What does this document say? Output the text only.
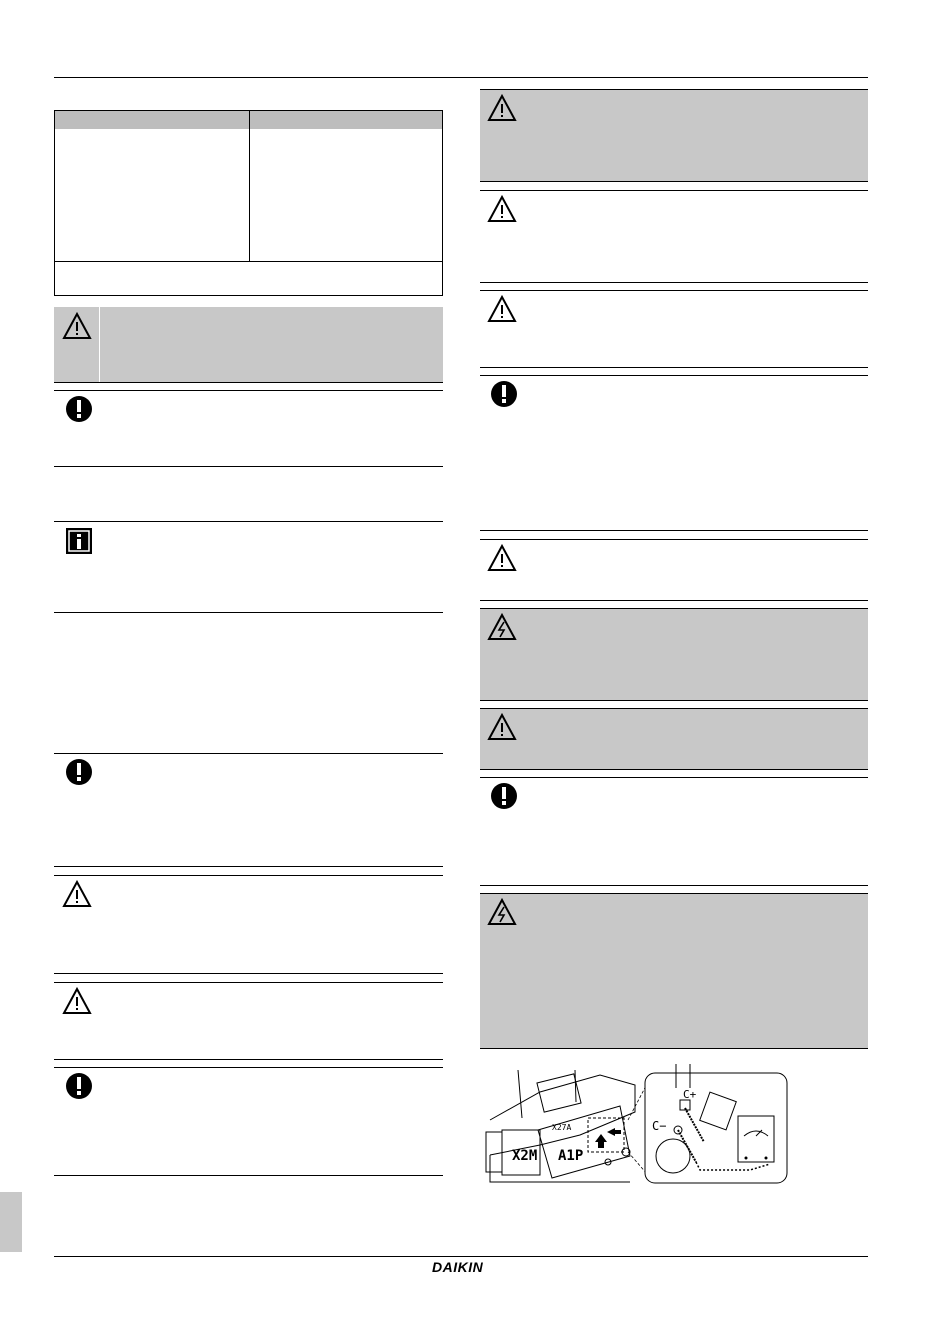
X2M A1P
X27A	C−
C+
DAIKIN
